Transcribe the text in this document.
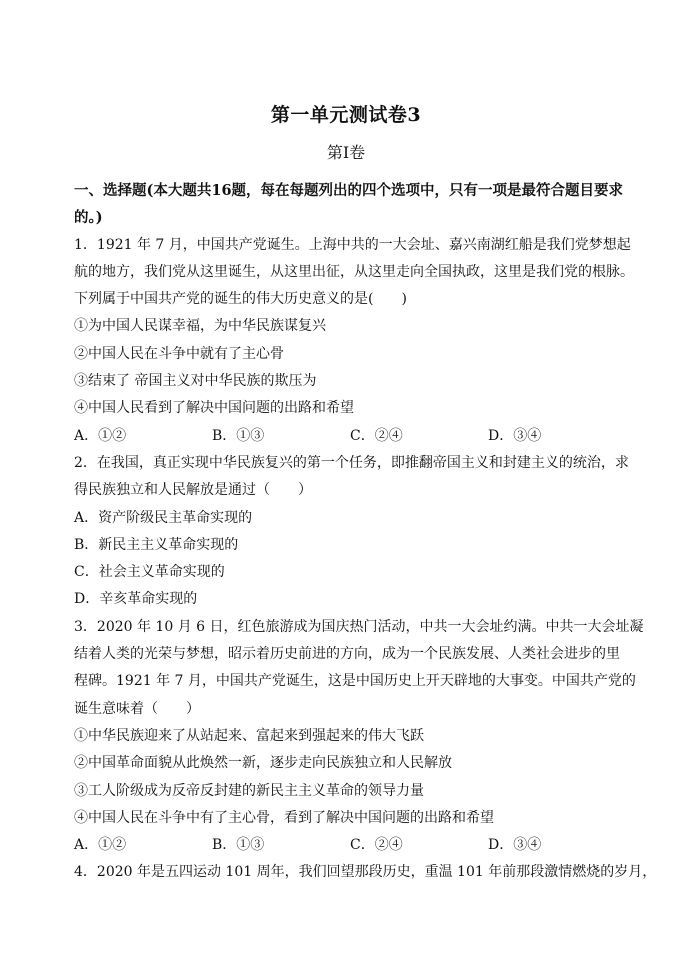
第一单元测试卷3
第Ⅰ卷
一、选择题(本大题共16题，每在每题列出的四个选项中，只有一项是最符合题目要求
的。)
1．1921 年 7 月，中国共产党诞生。上海中共的一大会址、嘉兴南湖红船是我们党梦想起
航的地方，我们党从这里诞生，从这里出征，从这里走向全国执政，这里是我们党的根脉。
下列属于中国共产党的诞生的伟大历史意义的是(　　)
①为中国人民谋幸福，为中华民族谋复兴
②中国人民在斗争中就有了主心骨
③结束了 帝国主义对中华民族的欺压为
④中国人民看到了解决中国问题的出路和希望
A．①②	B．①③	C．②④	D．③④
2．在我国，真正实现中华民族复兴的第一个任务，即推翻帝国主义和封建主义的统治，求
得民族独立和人民解放是通过（　　）
A．资产阶级民主革命实现的
B．新民主主义革命实现的
C．社会主义革命实现的
D．辛亥革命实现的
3．2020 年 10 月 6 日，红色旅游成为国庆热门活动，中共一大会址约满。中共一大会址凝
结着人类的光荣与梦想，昭示着历史前进的方向，成为一个民族发展、人类社会进步的里
程碑。1921 年 7 月，中国共产党诞生，这是中国历史上开天辟地的大事变。中国共产党的
诞生意味着（　　）
①中华民族迎来了从站起来、富起来到强起来的伟大飞跃
②中国革命面貌从此焕然一新，逐步走向民族独立和人民解放
③工人阶级成为反帝反封建的新民主主义革命的领导力量
④中国人民在斗争中有了主心骨，看到了解决中国问题的出路和希望
A．①②	B．①③	C．②④	D．③④
4．2020 年是五四运动 101 周年，我们回望那段历史，重温 101 年前那段激情燃烧的岁月，
